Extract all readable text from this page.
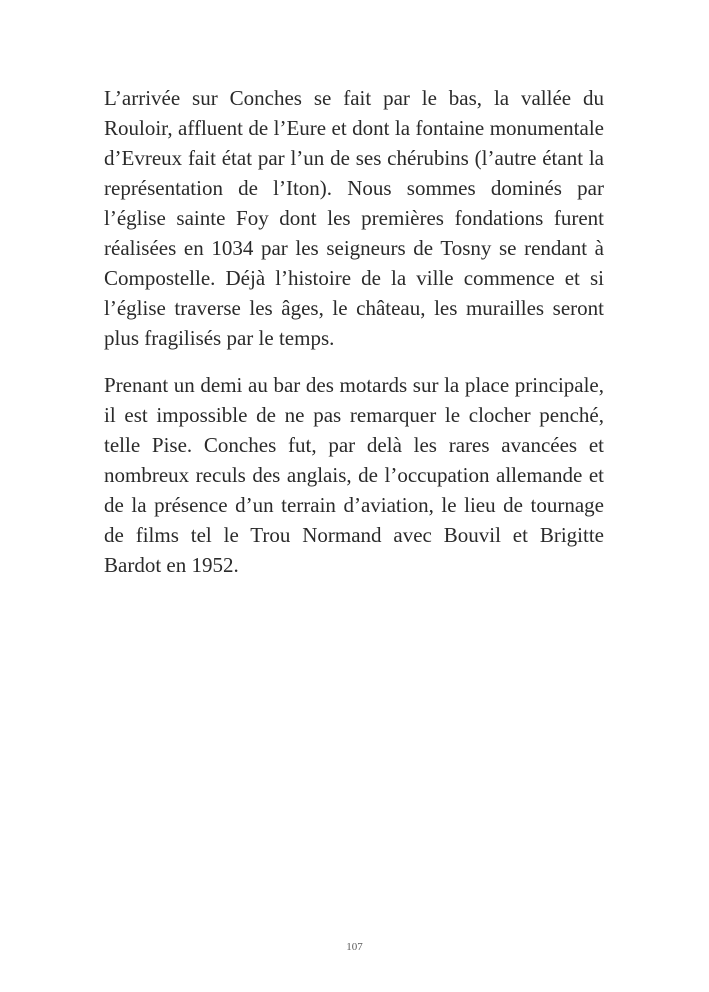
L’arrivée sur Conches se fait par le bas, la vallée du Rouloir, affluent de l’Eure et dont la fontaine monumentale d’Evreux fait état par l’un de ses chérubins (l’autre étant la représentation de l’Iton). Nous sommes dominés par l’église sainte Foy dont les premières fondations furent réalisées en 1034 par les seigneurs de Tosny se rendant à Compostelle. Déjà l’histoire de la ville commence et si l’église traverse les âges, le château, les murailles seront plus fragilisés par le temps.

Prenant un demi au bar des motards sur la place principale, il est impossible de ne pas remarquer le clocher penché, telle Pise. Conches fut, par delà les rares avancées et nombreux reculs des anglais, de l’occupation allemande et de la présence d’un terrain d’aviation, le lieu de tournage de films tel le Trou Normand avec Bouvil et Brigitte Bardot en 1952.

107
